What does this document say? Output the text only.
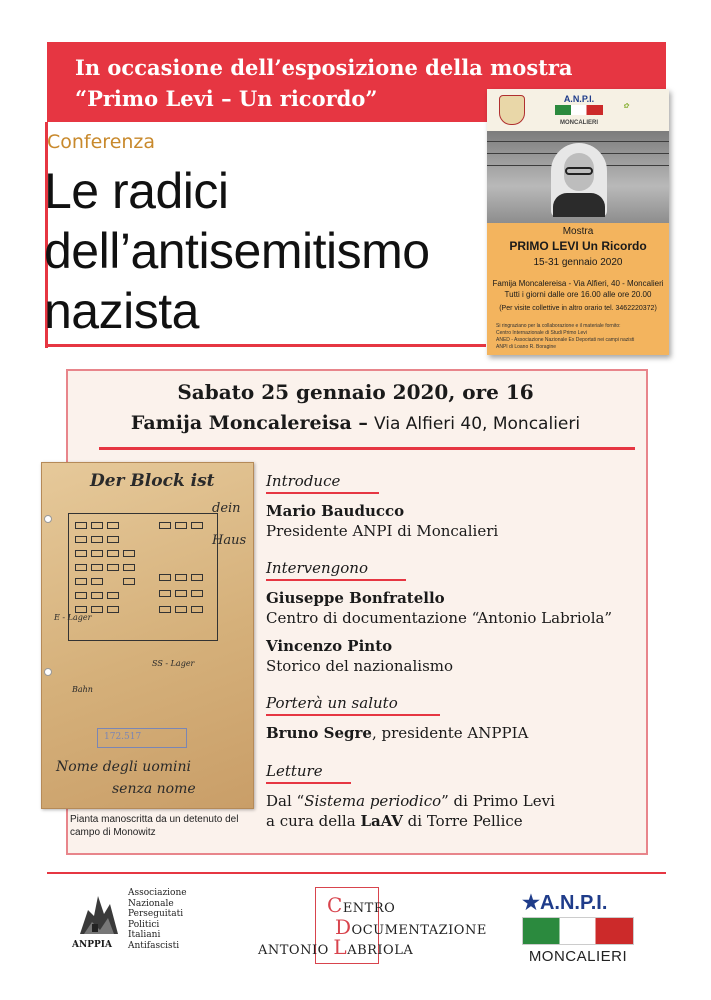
In occasione dell’esposizione della mostra
“Primo Levi – Un ricordo”
Conferenza
Le radici
dell’antisemitismo
nazista
A.N.P.I.
MONCALIERI
✿
Mostra
PRIMO LEVI Un Ricordo
15-31 gennaio 2020
Famija Moncalereisa - Via Alfieri, 40 - Moncalieri
Tutti i giorni dalle ore 16.00 alle ore 20.00
(Per visite collettive in altro orario tel. 3462220372)
Si ringraziano per la collaborazione e il materiale fornito:
Centro Internazionale di Studi Primo Levi
ANED - Associazione Nazionale Ex Deportati nei campi nazisti
ANPI di Loano R. Boragine
Sabato 25 gennaio 2020, ore 16
Famija Moncalereisa – Via Alfieri 40, Moncalieri
Der Block ist
dein
Haus
E - Lager
SS - Lager
Bahn
172.517
Nome degli uomini
senza nome
Pianta manoscritta da un detenuto del campo di Monowitz
Introduce
Mario Bauducco
Presidente ANPI di Moncalieri
Intervengono
Giuseppe Bonfratello
Centro di documentazione “Antonio Labriola”
Vincenzo Pinto
Storico del nazionalismo
Porterà un saluto
Bruno Segre, presidente ANPPIA
Letture
Dal “Sistema periodico” di Primo Levi
a cura della LaAV di Torre Pellice
ANPPIA
Associazione
Nazionale
Perseguitati
Politici
Italiani
Antifascisti
CENTRO
DOCUMENTAZIONE
ANTONIO LABRIOLA
★A.N.P.I.
MONCALIERI
